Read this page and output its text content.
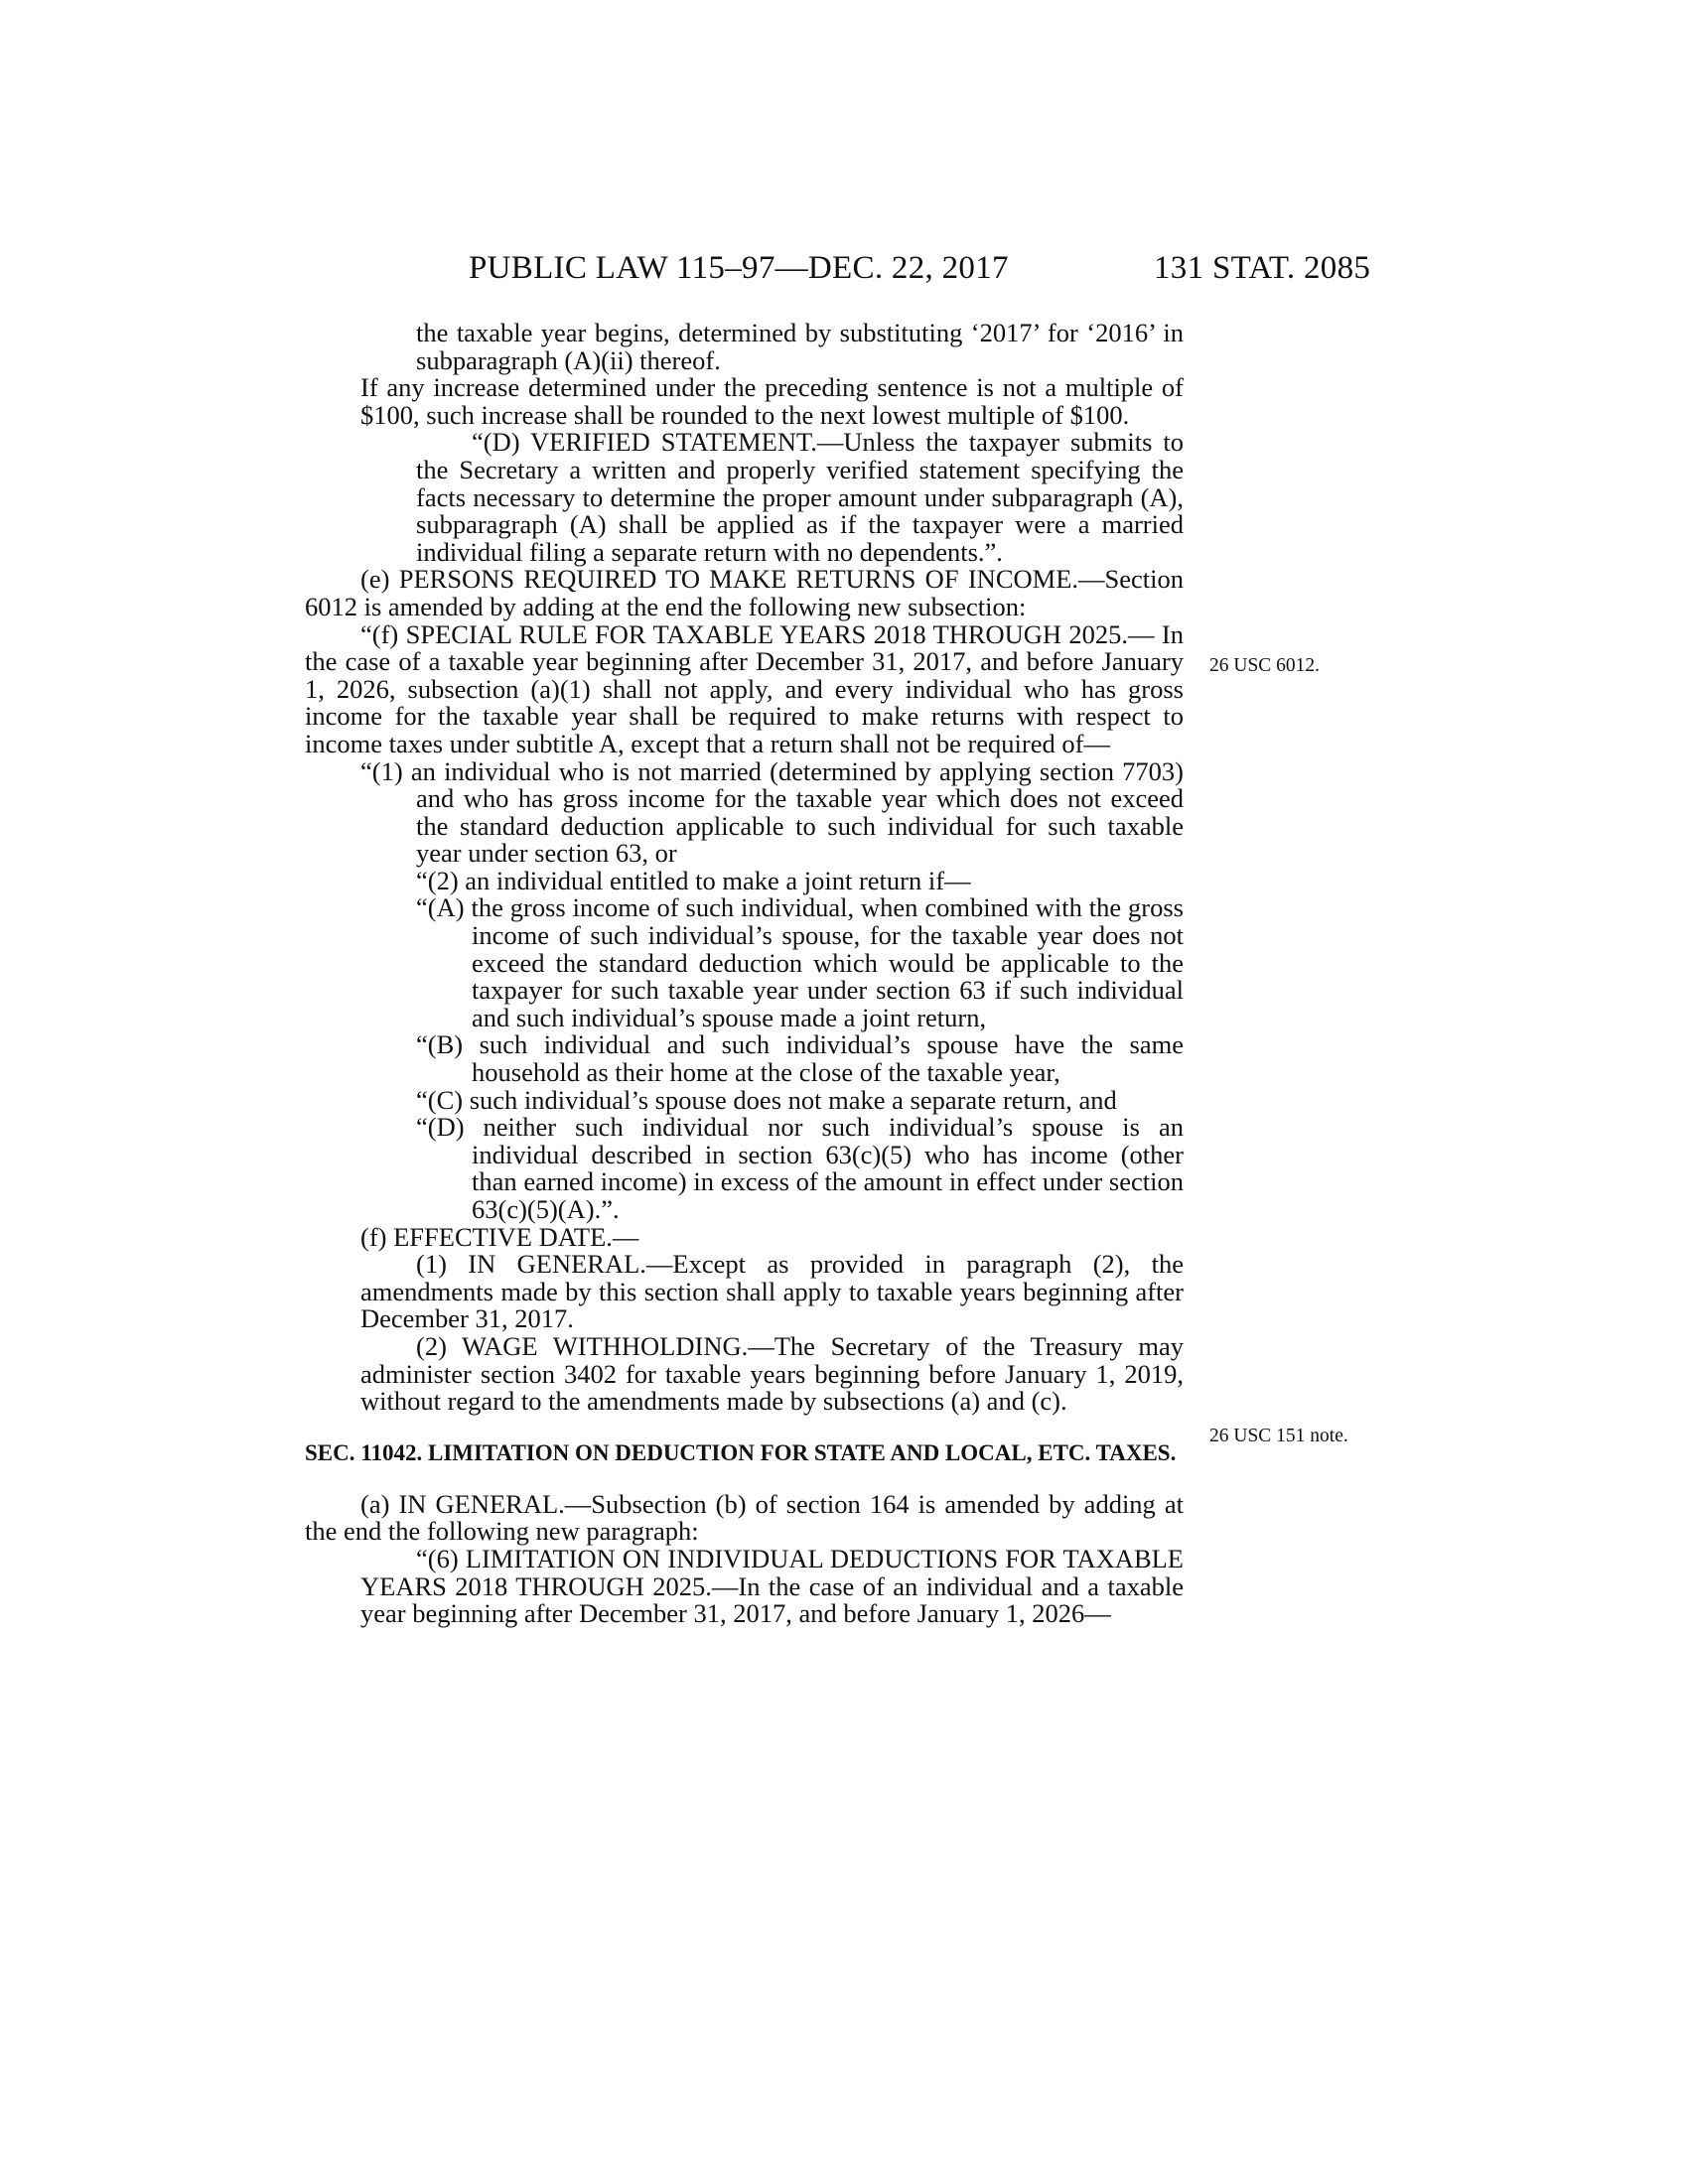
PUBLIC LAW 115–97—DEC. 22, 2017	131 STAT. 2085
26 USC 6012.
26 USC 151 note.

the taxable year begins, determined by substituting ‘2017’ for ‘2016’ in subparagraph (A)(ii) thereof.

If any increase determined under the preceding sentence is not a multiple of $100, such increase shall be rounded to the next lowest multiple of $100.

“(D) VERIFIED STATEMENT.—Unless the taxpayer submits to the Secretary a written and properly verified statement specifying the facts necessary to determine the proper amount under subparagraph (A), subparagraph (A) shall be applied as if the taxpayer were a married individual filing a separate return with no dependents.”.

(e) PERSONS REQUIRED TO MAKE RETURNS OF INCOME.—Section 6012 is amended by adding at the end the following new subsection:

“(f) SPECIAL RULE FOR TAXABLE YEARS 2018 THROUGH 2025.— In the case of a taxable year beginning after December 31, 2017, and before January 1, 2026, subsection (a)(1) shall not apply, and every individual who has gross income for the taxable year shall be required to make returns with respect to income taxes under subtitle A, except that a return shall not be required of—

“(1) an individual who is not married (determined by applying section 7703) and who has gross income for the taxable year which does not exceed the standard deduction applicable to such individual for such taxable year under section 63, or

“(2) an individual entitled to make a joint return if—

“(A) the gross income of such individual, when combined with the gross income of such individual’s spouse, for the taxable year does not exceed the standard deduction which would be applicable to the taxpayer for such taxable year under section 63 if such individual and such individual’s spouse made a joint return,

“(B) such individual and such individual’s spouse have the same household as their home at the close of the taxable year,

“(C) such individual’s spouse does not make a separate return, and

“(D) neither such individual nor such individual’s spouse is an individual described in section 63(c)(5) who has income (other than earned income) in excess of the amount in effect under section 63(c)(5)(A).”.

(f) EFFECTIVE DATE.—

(1) IN GENERAL.—Except as provided in paragraph (2), the amendments made by this section shall apply to taxable years beginning after December 31, 2017.

(2) WAGE WITHHOLDING.—The Secretary of the Treasury may administer section 3402 for taxable years beginning before January 1, 2019, without regard to the amendments made by subsections (a) and (c).

SEC. 11042. LIMITATION ON DEDUCTION FOR STATE AND LOCAL, ETC. TAXES.

(a) IN GENERAL.—Subsection (b) of section 164 is amended by adding at the end the following new paragraph:

“(6) LIMITATION ON INDIVIDUAL DEDUCTIONS FOR TAXABLE YEARS 2018 THROUGH 2025.—In the case of an individual and a taxable year beginning after December 31, 2017, and before January 1, 2026—
